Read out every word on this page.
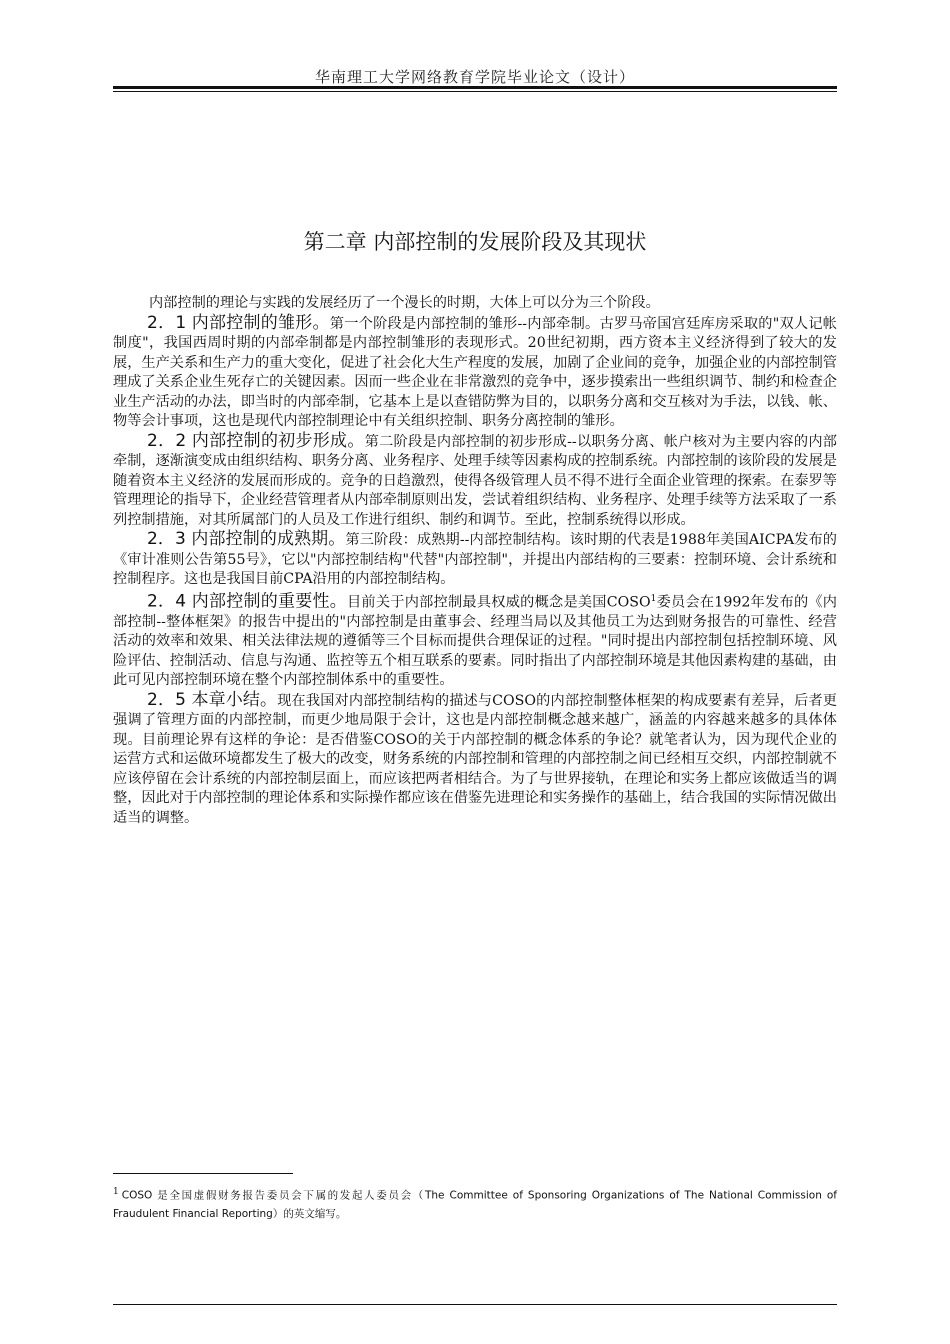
华南理工大学网络教育学院毕业论文（设计）
第二章 内部控制的发展阶段及其现状

内部控制的理论与实践的发展经历了一个漫长的时期，大体上可以分为三个阶段。

2．1 内部控制的雏形。第一个阶段是内部控制的雏形--内部牵制。古罗马帝国宫廷库房采取的"双人记帐制度"，我国西周时期的内部牵制都是内部控制雏形的表现形式。20世纪初期，西方资本主义经济得到了较大的发展，生产关系和生产力的重大变化，促进了社会化大生产程度的发展，加剧了企业间的竞争，加强企业的内部控制管理成了关系企业生死存亡的关键因素。因而一些企业在非常激烈的竞争中，逐步摸索出一些组织调节、制约和检查企业生产活动的办法，即当时的内部牵制，它基本上是以查错防弊为目的，以职务分离和交互核对为手法，以钱、帐、物等会计事项，这也是现代内部控制理论中有关组织控制、职务分离控制的雏形。

2．2 内部控制的初步形成。第二阶段是内部控制的初步形成--以职务分离、帐户核对为主要内容的内部牵制，逐渐演变成由组织结构、职务分离、业务程序、处理手续等因素构成的控制系统。内部控制的该阶段的发展是随着资本主义经济的发展而形成的。竞争的日趋激烈，使得各级管理人员不得不进行全面企业管理的探索。在泰罗等管理理论的指导下，企业经营管理者从内部牵制原则出发，尝试着组织结构、业务程序、处理手续等方法采取了一系列控制措施，对其所属部门的人员及工作进行组织、制约和调节。至此，控制系统得以形成。

2．3 内部控制的成熟期。第三阶段：成熟期--内部控制结构。该时期的代表是1988年美国AICPA发布的《审计准则公告第55号》，它以"内部控制结构"代替"内部控制"，并提出内部结构的三要素：控制环境、会计系统和控制程序。这也是我国目前CPA沿用的内部控制结构。

2．4 内部控制的重要性。目前关于内部控制最具权威的概念是美国COSO$^1$委员会在1992年发布的《内部控制--整体框架》的报告中提出的"内部控制是由董事会、经理当局以及其他员工为达到财务报告的可靠性、经营活动的效率和效果、相关法律法规的遵循等三个目标而提供合理保证的过程。"同时提出内部控制包括控制环境、风险评估、控制活动、信息与沟通、监控等五个相互联系的要素。同时指出了内部控制环境是其他因素构建的基础，由此可见内部控制环境在整个内部控制体系中的重要性。

2．5 本章小结。现在我国对内部控制结构的描述与COSO的内部控制整体框架的构成要素有差异，后者更强调了管理方面的内部控制，而更少地局限于会计，这也是内部控制概念越来越广，涵盖的内容越来越多的具体体现。目前理论界有这样的争论：是否借鉴COSO的关于内部控制的概念体系的争论？就笔者认为，因为现代企业的运营方式和运做环境都发生了极大的改变，财务系统的内部控制和管理的内部控制之间已经相互交织，内部控制就不应该停留在会计系统的内部控制层面上，而应该把两者相结合。为了与世界接轨，在理论和实务上都应该做适当的调整，因此对于内部控制的理论体系和实际操作都应该在借鉴先进理论和实务操作的基础上，结合我国的实际情况做出适当的调整。

1 COSO 是全国虚假财务报告委员会下属的发起人委员会（The Committee of Sponsoring Organizations of The National Commission of Fraudulent Financial Reporting）的英文缩写。
